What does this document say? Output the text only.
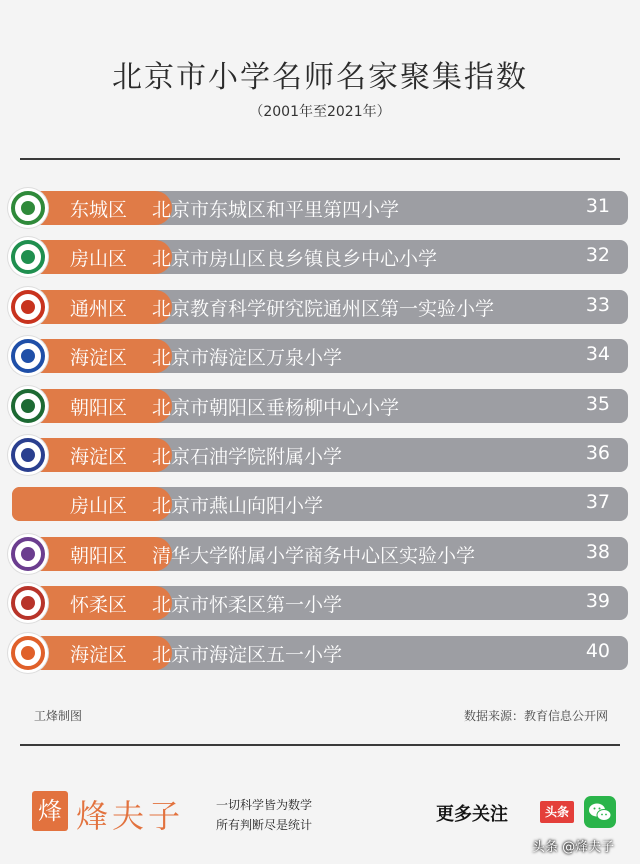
北京市小学名师名家聚集指数
（2001年至2021年）
东城区 北京市东城区和平里第四小学	31
房山区 北京市房山区良乡镇良乡中心小学	32
通州区 北京教育科学研究院通州区第一实验小学	33
海淀区 北京市海淀区万泉小学	34
朝阳区 北京市朝阳区垂杨柳中心小学	35
海淀区 北京石油学院附属小学	36
房山区 北京市燕山向阳小学	37
朝阳区 清华大学附属小学商务中心区实验小学	38
怀柔区 北京市怀柔区第一小学	39
海淀区 北京市海淀区五一小学	40
工烽制图	数据来源：教育信息公开网
烽 烽夫子	一切科学皆为数学
所有判断尽是统计	更多关注	头条
头条 @烽夫子
